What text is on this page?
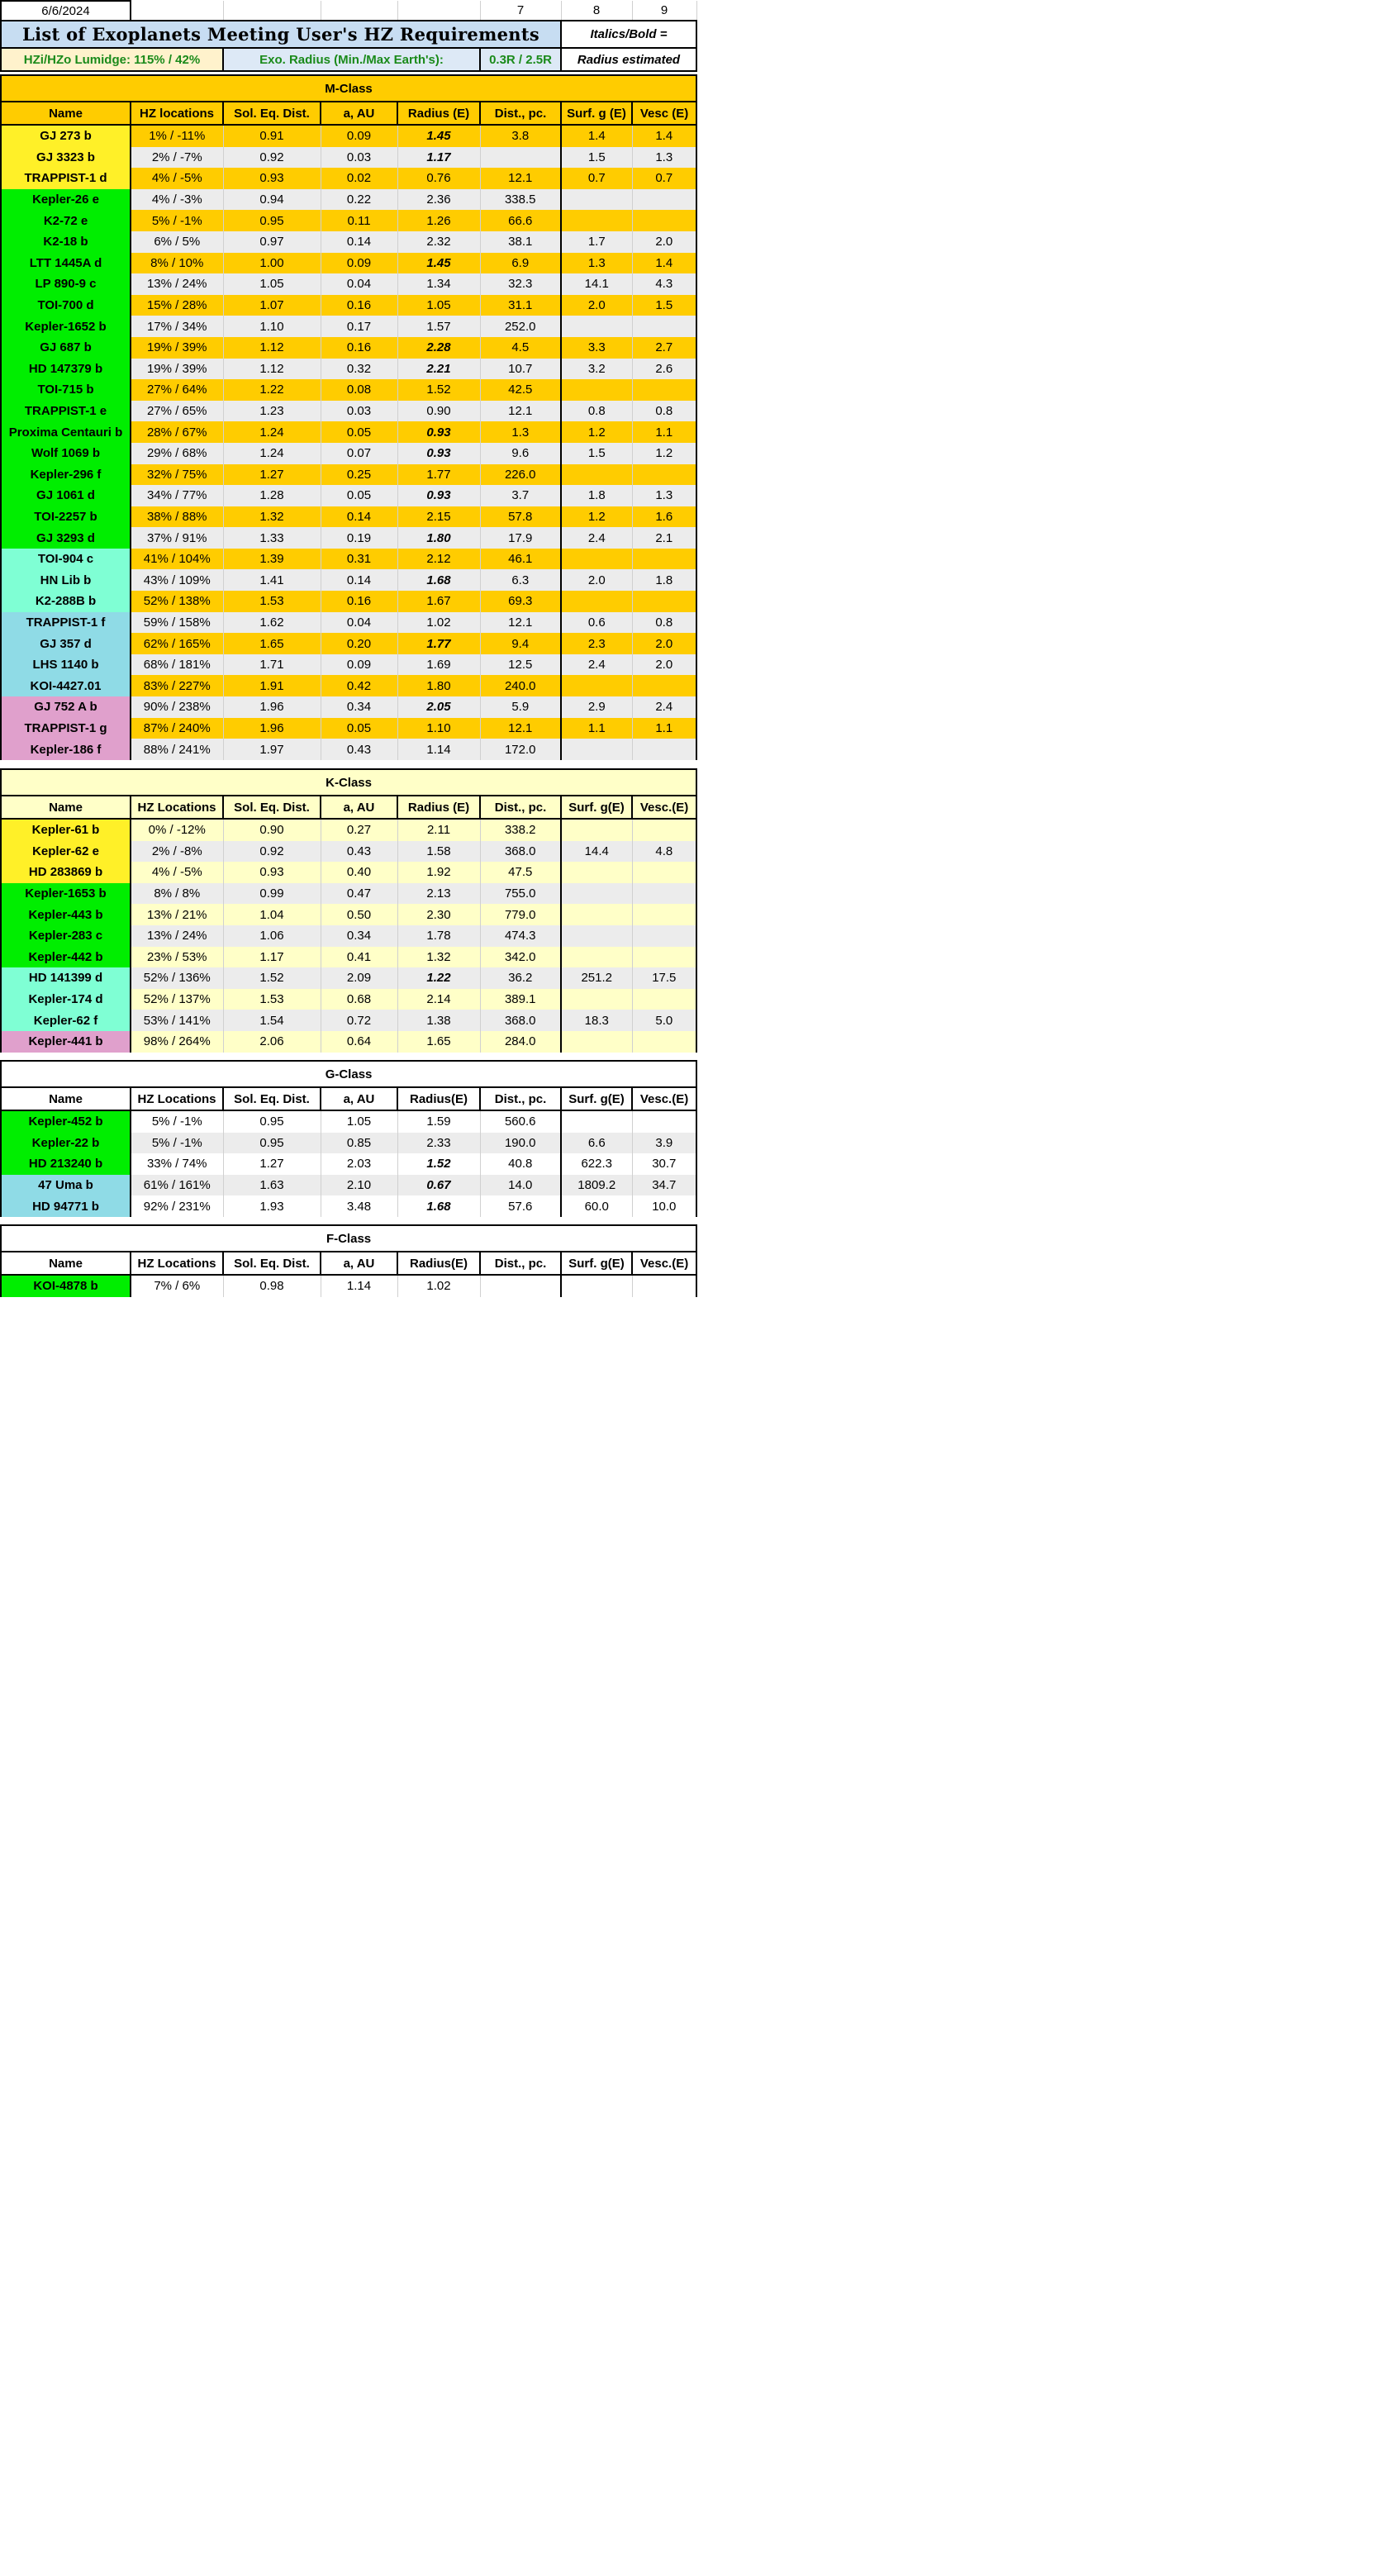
6/6/2024					7	8	9
List of Exoplanets Meeting User's HZ Requirements						Italics/Bold =	
HZi/HZo Lumidge: 115% / 42%		Exo. Radius (Min./Max Earth's):			0.3R / 2.5R	Radius estimated	
M-Class							
Name	HZ locations	Sol. Eq. Dist.	a, AU	Radius (E)	Dist., pc.	Surf. g (E)	Vesc (E)
GJ 273 b	1% / -11%	0.91	0.09	1.45	3.8	1.4	1.4
GJ 3323 b	2% / -7%	0.92	0.03	1.17		1.5	1.3
TRAPPIST-1 d	4% / -5%	0.93	0.02	0.76	12.1	0.7	0.7
Kepler-26 e	4% / -3%	0.94	0.22	2.36	338.5		
K2-72 e	5% / -1%	0.95	0.11	1.26	66.6		
K2-18 b	6% / 5%	0.97	0.14	2.32	38.1	1.7	2.0
LTT 1445A d	8% / 10%	1.00	0.09	1.45	6.9	1.3	1.4
LP 890-9 c	13% / 24%	1.05	0.04	1.34	32.3	14.1	4.3
TOI-700 d	15% / 28%	1.07	0.16	1.05	31.1	2.0	1.5
Kepler-1652 b	17% / 34%	1.10	0.17	1.57	252.0		
GJ 687 b	19% / 39%	1.12	0.16	2.28	4.5	3.3	2.7
HD 147379 b	19% / 39%	1.12	0.32	2.21	10.7	3.2	2.6
TOI-715 b	27% / 64%	1.22	0.08	1.52	42.5		
TRAPPIST-1 e	27% / 65%	1.23	0.03	0.90	12.1	0.8	0.8
Proxima Centauri b	28% / 67%	1.24	0.05	0.93	1.3	1.2	1.1
Wolf 1069 b	29% / 68%	1.24	0.07	0.93	9.6	1.5	1.2
Kepler-296 f	32% / 75%	1.27	0.25	1.77	226.0		
GJ 1061 d	34% / 77%	1.28	0.05	0.93	3.7	1.8	1.3
TOI-2257 b	38% / 88%	1.32	0.14	2.15	57.8	1.2	1.6
GJ 3293 d	37% / 91%	1.33	0.19	1.80	17.9	2.4	2.1
TOI-904 c	41% / 104%	1.39	0.31	2.12	46.1		
HN Lib b	43% / 109%	1.41	0.14	1.68	6.3	2.0	1.8
K2-288B b	52% / 138%	1.53	0.16	1.67	69.3		
TRAPPIST-1 f	59% / 158%	1.62	0.04	1.02	12.1	0.6	0.8
GJ 357 d	62% / 165%	1.65	0.20	1.77	9.4	2.3	2.0
LHS 1140 b	68% / 181%	1.71	0.09	1.69	12.5	2.4	2.0
KOI-4427.01	83% / 227%	1.91	0.42	1.80	240.0		
GJ 752 A b	90% / 238%	1.96	0.34	2.05	5.9	2.9	2.4
TRAPPIST-1 g	87% / 240%	1.96	0.05	1.10	12.1	1.1	1.1
Kepler-186 f	88% / 241%	1.97	0.43	1.14	172.0		
K-Class							
Name	HZ Locations	Sol. Eq. Dist.	a, AU	Radius (E)	Dist., pc.	Surf. g(E)	Vesc.(E)
Kepler-61 b	0% / -12%	0.90	0.27	2.11	338.2		
Kepler-62 e	2% / -8%	0.92	0.43	1.58	368.0	14.4	4.8
HD 283869 b	4% / -5%	0.93	0.40	1.92	47.5		
Kepler-1653 b	8% / 8%	0.99	0.47	2.13	755.0		
Kepler-443 b	13% / 21%	1.04	0.50	2.30	779.0		
Kepler-283 c	13% / 24%	1.06	0.34	1.78	474.3		
Kepler-442 b	23% / 53%	1.17	0.41	1.32	342.0		
HD 141399 d	52% / 136%	1.52	2.09	1.22	36.2	251.2	17.5
Kepler-174 d	52% / 137%	1.53	0.68	2.14	389.1		
Kepler-62 f	53% / 141%	1.54	0.72	1.38	368.0	18.3	5.0
Kepler-441 b	98% / 264%	2.06	0.64	1.65	284.0		
G-Class							
Name	HZ Locations	Sol. Eq. Dist.	a, AU	Radius(E)	Dist., pc.	Surf. g(E)	Vesc.(E)
Kepler-452 b	5% / -1%	0.95	1.05	1.59	560.6		
Kepler-22 b	5% / -1%	0.95	0.85	2.33	190.0	6.6	3.9
HD 213240 b	33% / 74%	1.27	2.03	1.52	40.8	622.3	30.7
47 Uma b	61% / 161%	1.63	2.10	0.67	14.0	1809.2	34.7
HD 94771 b	92% / 231%	1.93	3.48	1.68	57.6	60.0	10.0
F-Class							
Name	HZ Locations	Sol. Eq. Dist.	a, AU	Radius(E)	Dist., pc.	Surf. g(E)	Vesc.(E)
KOI-4878 b	7% / 6%	0.98	1.14	1.02			
